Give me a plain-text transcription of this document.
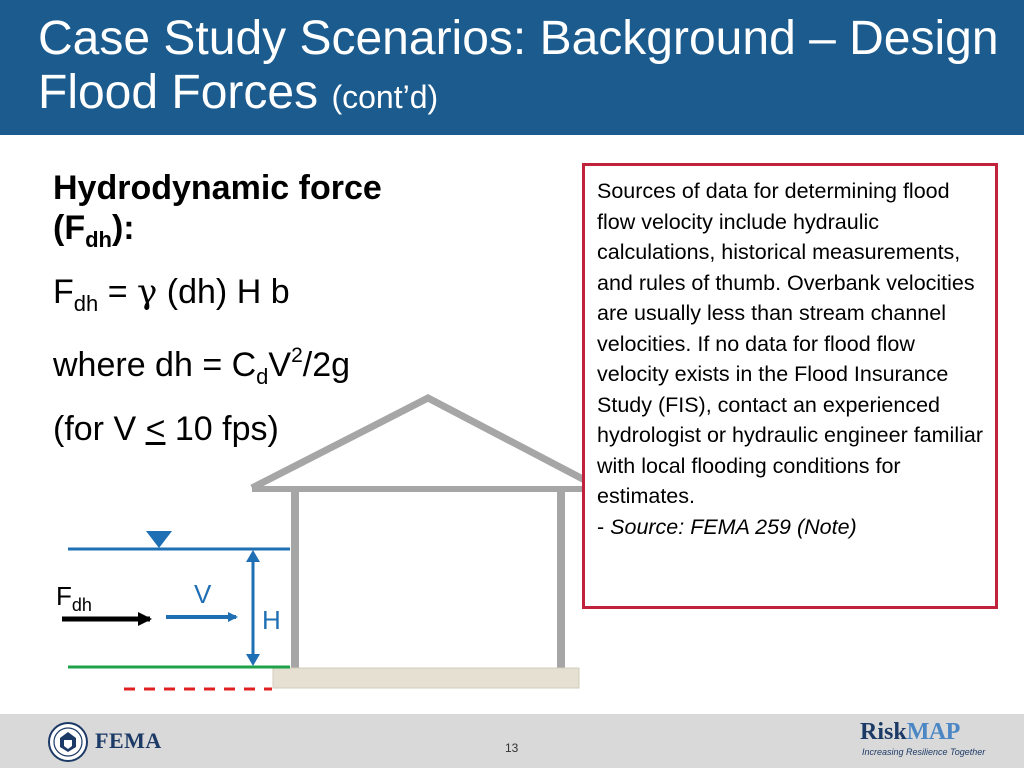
Case Study Scenarios: Background – Design Flood Forces (cont’d)
Hydrodynamic force
$(F_{dh})$:
$F_{dh} = \gamma$ (dh) H b
where dh = $C_dV^2/2g$
(for V ≤ 10 fps)
$F_{dh}$	V
H
Sources of data for determining flood flow velocity include hydraulic calculations, historical measurements, and rules of thumb. Overbank velocities are usually less than stream channel velocities. If no data for flood flow velocity exists in the Flood Insurance Study (FIS), contact an experienced hydrologist or hydraulic engineer familiar with local flooding conditions for estimates.
- Source: FEMA 259 (Note)
FEMA	13
RiskMAP
Increasing Resilience Together
